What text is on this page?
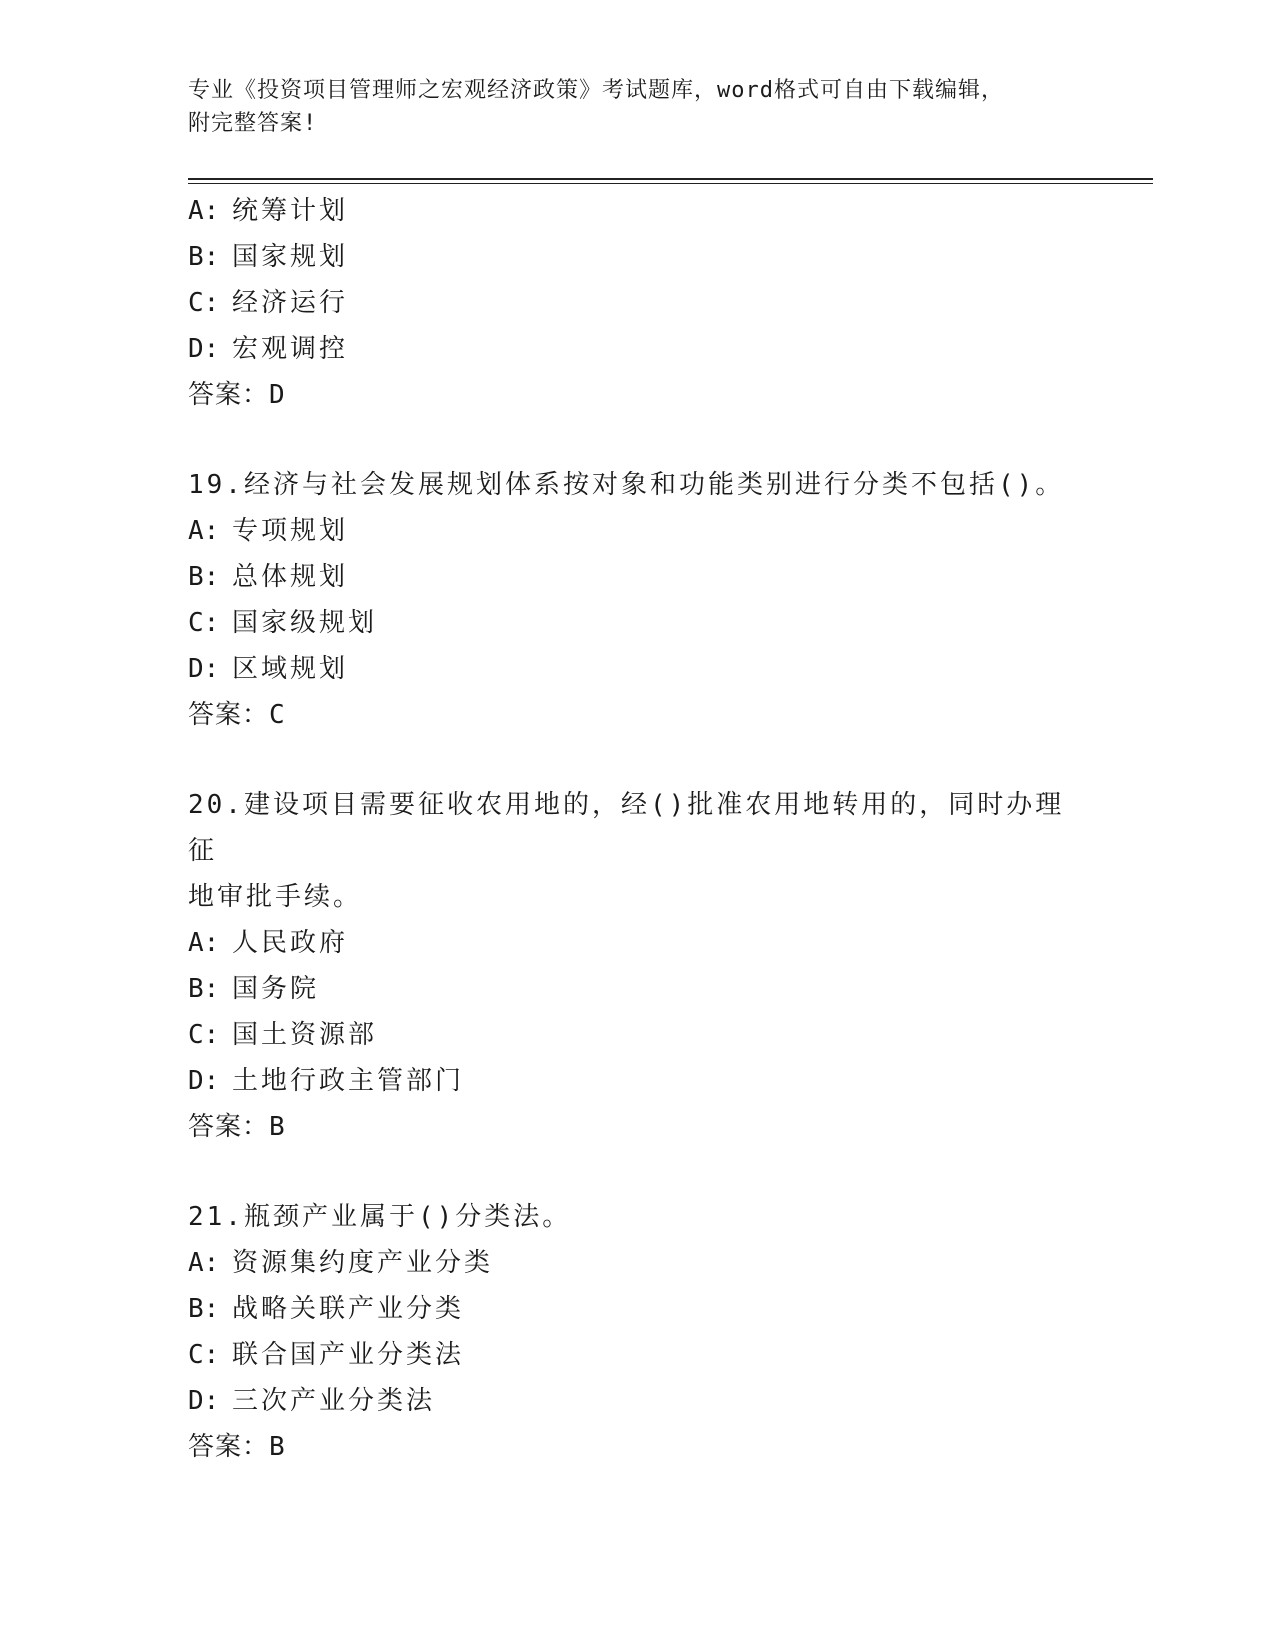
专业《投资项目管理师之宏观经济政策》考试题库，word格式可自由下载编辑，
附完整答案!
A: 统筹计划
B: 国家规划
C: 经济运行
D: 宏观调控
答案：D
19.经济与社会发展规划体系按对象和功能类别进行分类不包括()。
A: 专项规划
B: 总体规划
C: 国家级规划
D: 区域规划
答案：C
20.建设项目需要征收农用地的，经()批准农用地转用的，同时办理征
地审批手续。
A: 人民政府
B: 国务院
C: 国土资源部
D: 土地行政主管部门
答案：B
21.瓶颈产业属于()分类法。
A: 资源集约度产业分类
B: 战略关联产业分类
C: 联合国产业分类法
D: 三次产业分类法
答案：B
